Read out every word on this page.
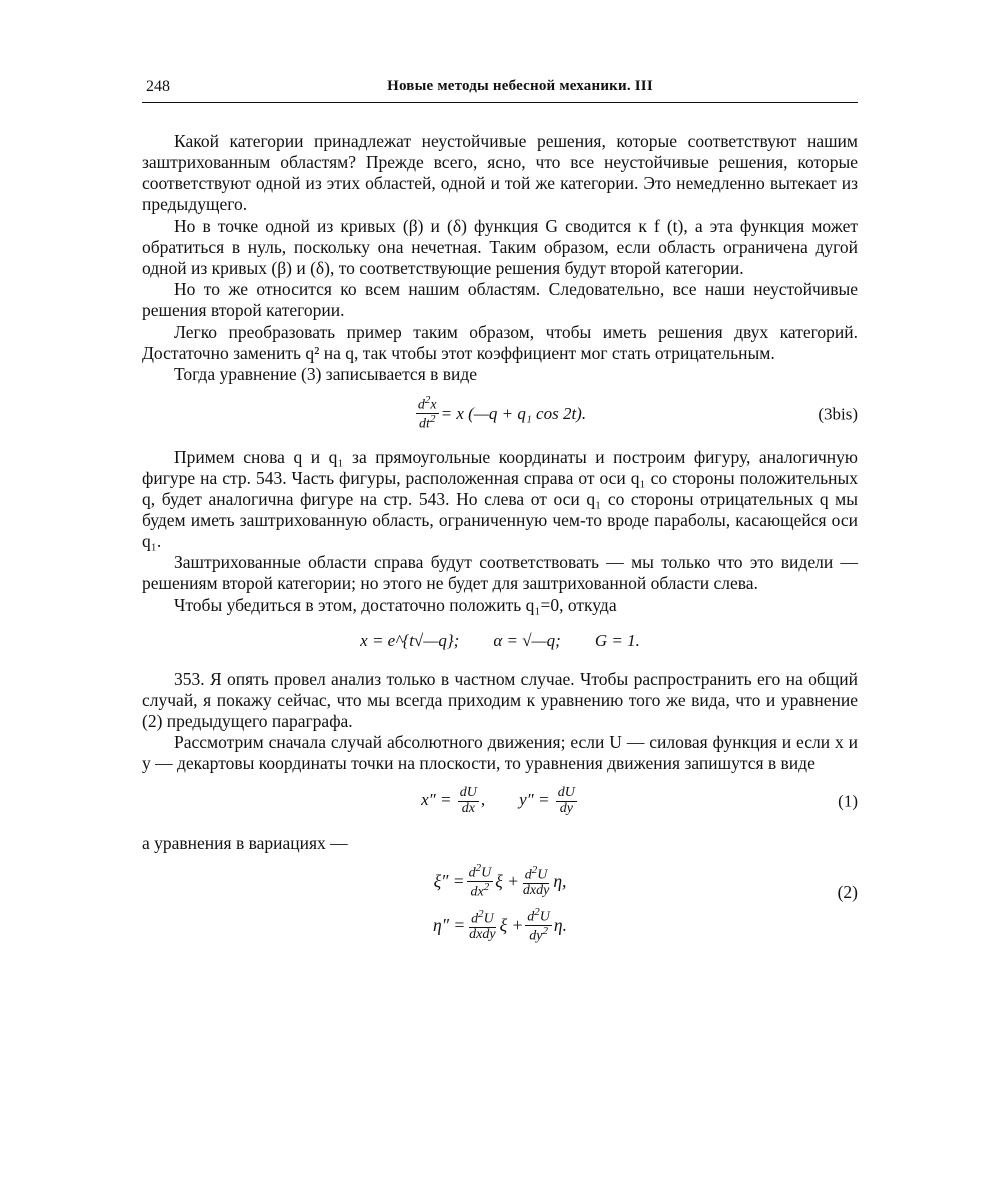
248	Новые методы небесной механики. III

Какой категории принадлежат неустойчивые решения, которые соответствуют нашим заштрихованным областям? Прежде всего, ясно, что все неустойчивые решения, которые соответствуют одной из этих областей, одной и той же категории. Это немедленно вытекает из предыдущего.

Но в точке одной из кривых (β) и (δ) функция G сводится к f (t), а эта функция может обратиться в нуль, поскольку она нечетная. Таким образом, если область ограничена дугой одной из кривых (β) и (δ), то соответствующие решения будут второй категории.

Но то же относится ко всем нашим областям. Следовательно, все наши неустойчивые решения второй категории.

Легко преобразовать пример таким образом, чтобы иметь решения двух категорий. Достаточно заменить q² на q, так чтобы этот коэффициент мог стать отрицательным.

Тогда уравнение (3) записывается в виде

$\frac{d^2x}{dt^2} = x$ (—q + q₁ cos 2t).	(3bis)

Примем снова q и q₁ за прямоугольные координаты и построим фигуру, аналогичную фигуре на стр. 543. Часть фигуры, расположенная справа от оси q₁ со стороны положительных q, будет аналогична фигуре на стр. 543. Но слева от оси q₁ со стороны отрицательных q мы будем иметь заштрихованную область, ограниченную чем-то вроде параболы, касающейся оси q₁.

Заштрихованные области справа будут соответствовать — мы только что это видели — решениям второй категории; но этого не будет для заштрихованной области слева.

Чтобы убедиться в этом, достаточно положить q₁=0, откуда

x = e^{t√—q}; α = √—q; G = 1.

353. Я опять провел анализ только в частном случае. Чтобы распространить его на общий случай, я покажу сейчас, что мы всегда приходим к уравнению того же вида, что и уравнение (2) предыдущего параграфа.

Рассмотрим сначала случай абсолютного движения; если U — силовая функция и если x и y — декартовы координаты точки на плоскости, то уравнения движения запишутся в виде

$x'' = \frac{dU}{dx}$ , $y'' = \frac{dU}{dy}$	(1)

а уравнения в вариациях —

$\xi'' = \frac{d^2U}{dx^2}$ $\xi + \frac{d^2U}{\text{dxdy}} \eta$,
$\eta'' = \frac{d^2U}{\text{dxdy}}$ $\xi + \frac{d^2U}{dy^2} \eta$.
(2)
